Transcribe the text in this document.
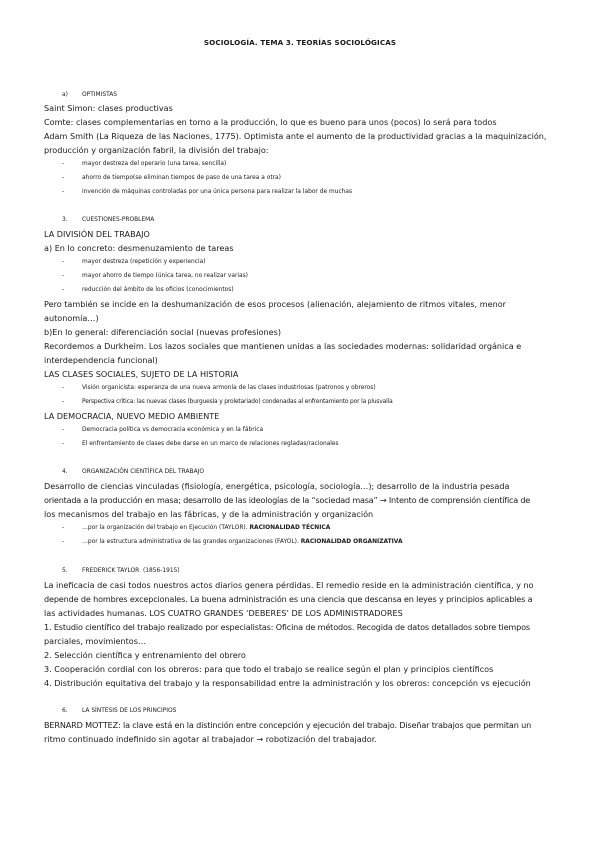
SOCIOLOGÍA. TEMA 3. TEORÍAS SOCIOLÓGICAS
a) OPTIMISTAS
Saint Simon: clases productivas
Comte: clases complementarias en torno a la producción, lo que es bueno para unos (pocos) lo será para todos
Adam Smith (La Riqueza de las Naciones, 1775). Optimista ante el aumento de la productividad gracias a la maquinización,
producción y organización fabril, la división del trabajo:
-	mayor destreza del operario (una tarea, sencilla)
-	ahorro de tiempo(se eliminan tiempos de paso de una tarea a otra)
-	invención de máquinas controladas por una única persona para realizar la labor de muchas
3. CUESTIONES-PROBLEMA
LA DIVISIÓN DEL TRABAJO
a) En lo concreto: desmenuzamiento de tareas
-	mayor destreza (repetición y experiencia)
-	mayor ahorro de tiempo (única tarea, no realizar varias)
-	reducción del ámbito de los oficios (conocimientos)
Pero también se incide en la deshumanización de esos procesos (alienación, alejamiento de ritmos vitales, menor
autonomía…)
b)En lo general: diferenciación social (nuevas profesiones)
Recordemos a Durkheim. Los lazos sociales que mantienen unidas a las sociedades modernas: solidaridad orgánica e
interdependencia funcional)
LAS CLASES SOCIALES, SUJETO DE LA HISTORIA
-	Visión organicista: esperanza de una nueva armonía de las clases industriosas (patronos y obreros)
-	Perspectiva crítica: las nuevas clases (burguesía y proletariado) condenadas al enfrentamiento por la plusvalía
LA DEMOCRACIA, NUEVO MEDIO AMBIENTE
-	Democracia política vs democracia económica y en la fábrica
-	El enfrentamiento de clases debe darse en un marco de relaciones regladas/racionales
4. ORGANIZACIÓN CIENTÍFICA DEL TRABAJO
Desarrollo de ciencias vinculadas (fisiología, energética, psicología, sociología…); desarrollo de la industria pesada
orientada a la producción en masa; desarrollo de las ideologías de la “sociedad masa” → Intento de comprensión científica de
los mecanismos del trabajo en las fábricas, y de la administración y organización
-	…por la organización del trabajo en Ejecución (TAYLOR). RACIONALIDAD TÉCNICA
-	…por la estructura administrativa de las grandes organizaciones (FAYOL). RACIONALIDAD ORGANIZATIVA
5. FREDERICK TAYLOR  (1856-1915)
La ineficacia de casi todos nuestros actos diarios genera pérdidas. El remedio reside en la administración científica, y no
depende de hombres excepcionales. La buena administración es una ciencia que descansa en leyes y principios aplicables a
las actividades humanas. LOS CUATRO GRANDES ‘DEBERES’ DE LOS ADMINISTRADORES
1. Estudio científico del trabajo realizado por especialistas: Oficina de métodos. Recogida de datos detallados sobre tiempos
parciales, movimientos…
2. Selección científica y entrenamiento del obrero
3. Cooperación cordial con los obreros: para que todo el trabajo se realice según el plan y principios científicos
4. Distribución equitativa del trabajo y la responsabilidad entre la administración y los obreros: concepción vs ejecución
6. LA SÍNTESIS DE LOS PRINCIPIOS
BERNARD MOTTEZ: la clave está en la distinción entre concepción y ejecución del trabajo. Diseñar trabajos que permitan un
ritmo continuado indefinido sin agotar al trabajador → robotización del trabajador.
